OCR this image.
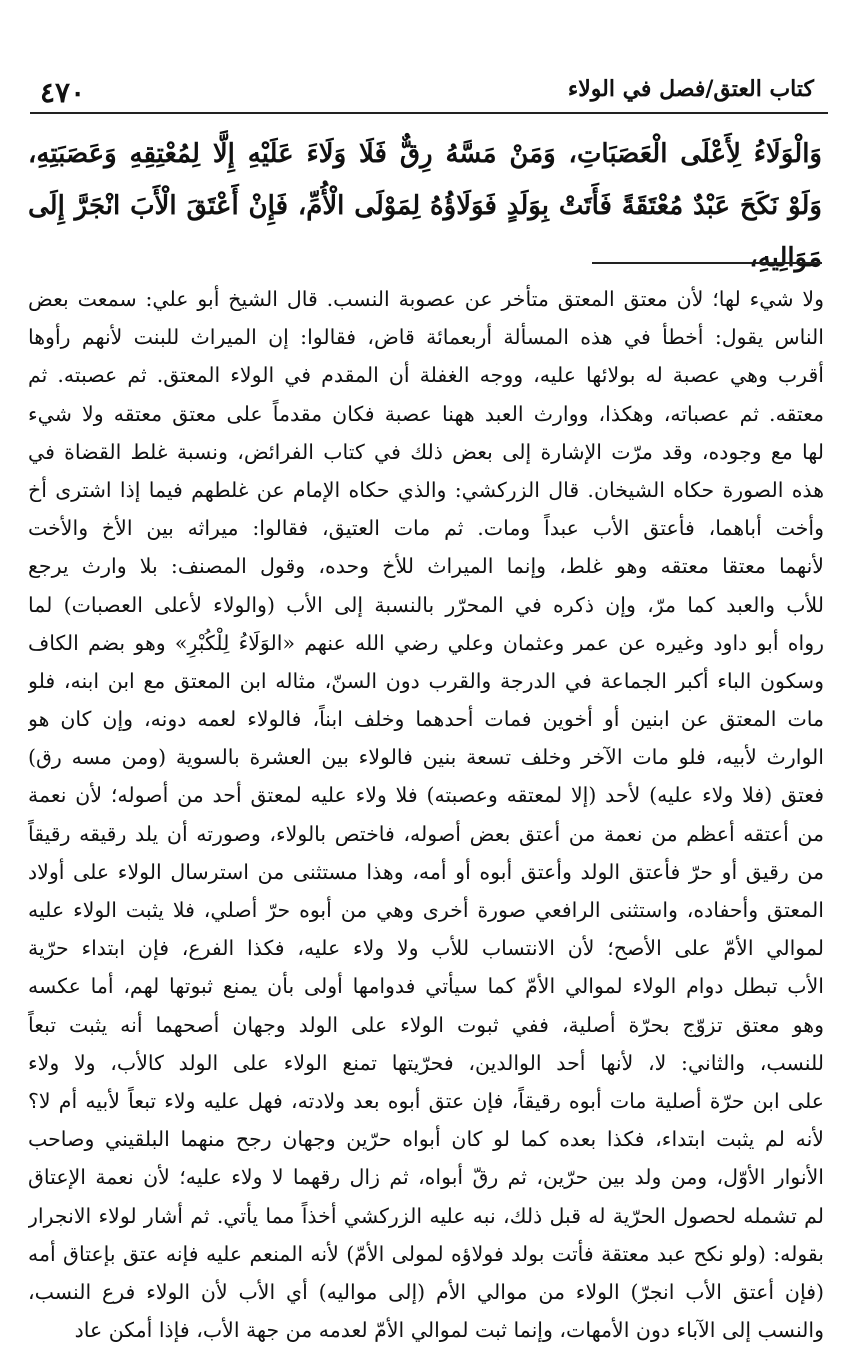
٤٧٠	كتاب العتق/فصل في الولاء
وَالْوَلَاءُ لِأَعْلَى الْعَصَبَاتِ، وَمَنْ مَسَّهُ رِقٌّ فَلَا وَلَاءَ عَلَيْهِ إِلَّا لِمُعْتِقِهِ وَعَصَبَتِهِ، وَلَوْ نَكَحَ عَبْدٌ مُعْتَقَةً فَأَتَتْ بِوَلَدٍ فَوَلَاؤُهُ لِمَوْلَى الْأُمِّ، فَإِنْ أَعْتَقَ الْأَبَ انْجَرَّ إِلَى مَوَالِيهِ،
ولا شيء لها؛ لأن معتق المعتق متأخر عن عصوبة النسب. قال الشيخ أبو علي: سمعت بعض
الناس يقول: أخطأ في هذه المسألة أربعمائة قاض، فقالوا: إن الميراث للبنت لأنهم رأوها
أقرب وهي عصبة له بولائها عليه، ووجه الغفلة أن المقدم في الولاء المعتق. ثم عصبته. ثم
معتقه. ثم عصباته، وهكذا، ووارث العبد ههنا عصبة فكان مقدماً على معتق معتقه ولا شيء
لها مع وجوده، وقد مرّت الإشارة إلى بعض ذلك في كتاب الفرائض، ونسبة غلط القضاة في
هذه الصورة حكاه الشيخان. قال الزركشي: والذي حكاه الإمام عن غلطهم فيما إذا اشترى أخ
وأخت أباهما، فأعتق الأب عبداً ومات. ثم مات العتيق، فقالوا: ميراثه بين الأخ والأخت
لأنهما معتقا معتقه وهو غلط، وإنما الميراث للأخ وحده، وقول المصنف: بلا وارث يرجع
للأب والعبد كما مرّ، وإن ذكره في المحرّر بالنسبة إلى الأب (والولاء لأعلى العصبات) لما
رواه أبو داود وغيره عن عمر وعثمان وعلي رضي الله عنهم «الوَلَاءُ لِلْكُبْرِ» وهو بضم الكاف
وسكون الباء أكبر الجماعة في الدرجة والقرب دون السنّ، مثاله ابن المعتق مع ابن ابنه، فلو
مات المعتق عن ابنين أو أخوين فمات أحدهما وخلف ابناً، فالولاء لعمه دونه، وإن كان هو
الوارث لأبيه، فلو مات الآخر وخلف تسعة بنين فالولاء بين العشرة بالسوية (ومن مسه رق)
فعتق (فلا ولاء عليه) لأحد (إلا لمعتقه وعصبته) فلا ولاء عليه لمعتق أحد من أصوله؛ لأن نعمة
من أعتقه أعظم من نعمة من أعتق بعض أصوله، فاختص بالولاء، وصورته أن يلد رقيقه رقيقاً
من رقيق أو حرّ فأعتق الولد وأعتق أبوه أو أمه، وهذا مستثنى من استرسال الولاء على أولاد
المعتق وأحفاده، واستثنى الرافعي صورة أخرى وهي من أبوه حرّ أصلي، فلا يثبت الولاء عليه
لموالي الأمّ على الأصح؛ لأن الانتساب للأب ولا ولاء عليه، فكذا الفرع، فإن ابتداء حرّية
الأب تبطل دوام الولاء لموالي الأمّ كما سيأتي فدوامها أولى بأن يمنع ثبوتها لهم، أما عكسه
وهو معتق تزوّج بحرّة أصلية، ففي ثبوت الولاء على الولد وجهان أصحهما أنه يثبت تبعاً
للنسب، والثاني: لا، لأنها أحد الوالدين، فحرّيتها تمنع الولاء على الولد كالأب، ولا ولاء
على ابن حرّة أصلية مات أبوه رقيقاً، فإن عتق أبوه بعد ولادته، فهل عليه ولاء تبعاً لأبيه أم لا؟
لأنه لم يثبت ابتداء، فكذا بعده كما لو كان أبواه حرّين وجهان رجح منهما البلقيني وصاحب
الأنوار الأوّل، ومن ولد بين حرّين، ثم رقّ أبواه، ثم زال رقهما لا ولاء عليه؛ لأن نعمة الإعتاق
لم تشمله لحصول الحرّية له قبل ذلك، نبه عليه الزركشي أخذاً مما يأتي. ثم أشار لولاء الانجرار
بقوله: (ولو نكح عبد معتقة فأتت بولد فولاؤه لمولى الأمّ) لأنه المنعم عليه فإنه عتق بإعتاق أمه
(فإن أعتق الأب انجرّ) الولاء من موالي الأم (إلى مواليه) أي الأب لأن الولاء فرع النسب،
والنسب إلى الآباء دون الأمهات، وإنما ثبت لموالي الأمّ لعدمه من جهة الأب، فإذا أمكن عاد
